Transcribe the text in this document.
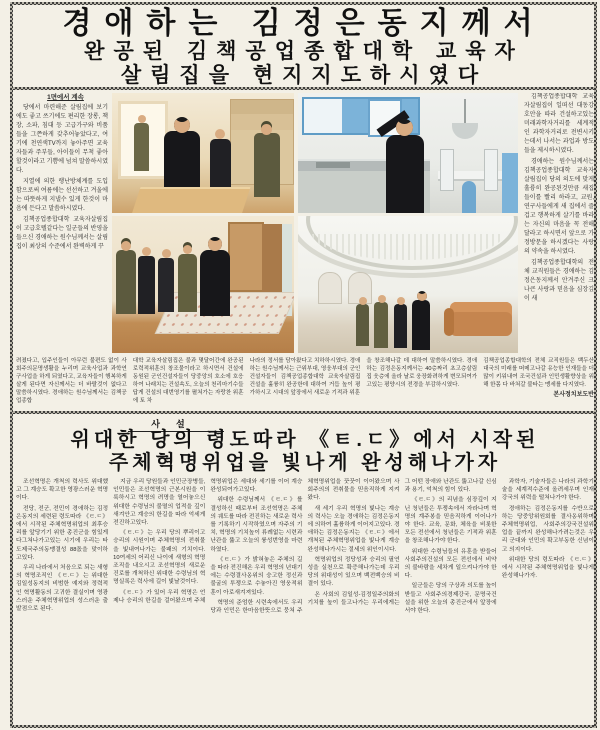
경애하는 김정은동지께서
완공된 김책공업종합대학 교육자
살림집을 현지지도하시였다

1면에서 계속

당에서 마련해준 살림집에 보기에도 좋고 쓰기에도 편리한 장롱, 책장, 소파, 침대 등 고급가구와 비품들을 그쯘하게 갖추어놓았다고, 여기에 천연색TV까지 놓아주면 교육자들과 주부들, 아이들이 무척 좋아할것이라고 기쁨에 넘쳐 말씀하시였다.

지열에 의한 랭난방체계를 도입함으로써 여름에는 선선하고 겨울에는 따뜻하게 지낼수 있게 한것이 마음에 든다고 말씀하시였다.

김책공업종합대학 교육자살림집이 고급호텔같다는 일군들의 반영을 들으신 경애하는 원수님께서는 살림집이 최상의 수준에서 완벽하게 꾸

김책공업종합대학 교육자살림집이 일떠선 대동강호안을 따라 건설하고있는 미래과학자거리를 세계적인 과학자거리로 전변시키는데서 나서는 과업과 방도들을 제시하시였다.

경애하는 원수님께서는 김책공업종합대학 교육자살림집이 당의 의도에 맞게 훌륭히 완공된것만큼 새집들이를 빨리 하라고, 교원, 연구사들에게 새 집에서 즐겁고 행복하게 살기를 바라는 자신의 마음을 꼭 전해달라고 하시면서 앞으로 가정방문을 하시겠다는 사랑의 약속을 하시였다.

김책공업종합대학의 전체 교직원들은 경애하는 김정은동지께서 안겨주신 크나큰 사랑과 믿음을 심장깊이 새

려졌다고, 입주인들이 아무런 불편도 없이 사회주의문명생활을 누리며 교육사업과 과학연구사업을 하게 되였다고, 교육자들이 행복하게 살게 된다면 자신께서는 더 바랄것이 없다고 말씀하시였다. 경애하는 원수님께서는 김책공업종합
대학 교육자살림집은 불과 몇달어간에 완공된 로력적위훈의 창조물이라고 하시면서 건설에 동원된 군인건설자들이 당중앙의 호소에 호응하여 나래치는 건설속도, 오늘의 천리마기수들답게 건설의 대번영기를 펼쳐가는 자랑찬 위훈에 토 차
나라의 정서를 담아왔다고 치하하시였다. 경애하는 원수님께서는 근위부대, 영웅부대의 군인건설자들이 김책공업종합대학 교육자살림집건설을 훌륭히 완공한데 대하여 거듭 높이 평가하시고 시대의 앞장에서 새로운 기적과 위훈
을 창조해나갈 데 대하여 말씀하시였다. 경애하는 김정은동지께서는 40층짜리 초고층살림집 웃층에 올라 날로 웅장화려하게 변모되여가고있는 평양시의 전경을 부감하시였다.
김책공업종합대학의 전체 교직원들은 백두산대국의 미래를 떠메고나갈 유능한 인재들을 더 많이 키워내여 조국건설과 인민생활향상을 위해 한몸 다 바쳐갈 불타는 맹세를 다지였다.
본사정치보도반
사설
위대한 당의 령도따라 《ㅌ.ㄷ》에서 시작된
주체혁명위업을 빛나게 완성해나가자

조선혁명은 개척의 력사도 위대했고 그 계승도 확고한 영광스러운 혁명이다.

전당, 전군, 전민이 경애하는 김정은동지의 세련된 령도따라 《ㅌ.ㄷ》에서 시작된 주체혁명위업의 최후승리를 앞당기기 위한 총진군을 힘있게 다그쳐나가고있는 시기에 우리는 타도제국주의동맹결성 88돐을 맞이하고있다.

우리 나라에서 처음으로 되는 새형의 혁명조직인 《ㅌ.ㄷ》는 위대한 김일성동지의 비범한 예지와 정력적인 혁명활동의 고귀한 결실이며 영광스러운 주체혁명위업의 성스러운 출발점으로 된다.

지금 우리 당원들과 인민군장병들, 인민들은 조선혁명의 근본시원을 이룩하시고 혁명의 려명을 열어놓으신 위대한 수령님의 불멸의 업적을 깊이 새겨안고 계승의 한길을 따라 억세게 전진하고있다.

《ㅌ.ㄷ》는 우리 당의 뿌리이고 승리의 시원이며 주체혁명의 전취물을 빛내여나가는 불패의 기치이다. 10여세의 어리신 나이에 새형의 혁명조직을 내오시고 조선혁명의 새로운 진로를 개척하신 위대한 수령님의 혁명실록은 력사에 길이 빛날것이다.

《ㅌ.ㄷ》가 있어 우리 혁명은 언제나 승리의 한길을 걸어왔으며 주체혁명위업은 세대와 세기를 이어 계승완성되여가고있다.

위대한 수령님께서 《ㅌ.ㄷ》를 결성하신 때로부터 조선혁명은 주체의 궤도를 따라 전진하는 새로운 력사를 기록하기 시작하였으며 자주의 기치, 혁명의 기치높이 류례없는 시련과 난관을 뚫고 오늘의 륭성번영을 마련하였다.

《ㅌ.ㄷ》가 밝혀놓은 주체의 길을 따라 전진해온 우리 혁명의 년대기에는 수령결사옹위의 숭고한 정신과 불굴의 투쟁으로 수놓아진 영웅적위훈이 아로새겨져있다.

혁명의 준엄한 시련속에서도 우리 당과 인민은 한마음한뜻으로 뭉쳐 주체혁명위업을 꿋꿋이 이어왔으며 사회주의의 전취물을 믿음직하게 지켜왔다.

새 세기 우리 혁명의 빛나는 계승의 력사는 오늘 경애하는 김정은동지에 의하여 훌륭하게 이어지고있다. 경애하는 김정은동지는 《ㅌ.ㄷ》에서 개척된 주체혁명위업을 빛나게 계승완성해나가시는 절세의 위인이시다.

혁명위업의 정당성과 승리의 필연성을 실천으로 확증해나가는데 우리 당의 위대성이 있으며 백전백승의 비결이 있다.

온 사회의 김일성-김정일주의화의 기치를 높이 들고나가는 우리에게는 그 어떤 장애와 난관도 뚫고나갈 신심과 용기, 억척의 힘이 있다.

《ㅌ.ㄷ》의 리념을 심장깊이 지닌 청년들은 투쟁속에서 자라나며 혁명의 계주봉을 믿음직하게 이어나가야 한다. 교육, 문화, 체육을 비롯한 모든 전선에서 청년들은 기적과 위훈을 창조해나가야 한다.

위대한 수령님들의 유훈을 받들어 사회주의건설의 모든 전선에서 비약의 불바람을 세차게 일으켜나가야 한다.

일군들은 당의 구상과 의도를 높이 받들고 사회주의경제강국, 문명국건설을 위한 오늘의 총진군에서 앞장에 서야 한다.

과학자, 기술자들은 나라의 과학기술을 세계적수준에 올려세우며 인재강국의 위력을 떨쳐나가야 한다.

경애하는 김정은동지를 수반으로 하는 당중앙위원회를 결사옹위하며 주체혁명위업, 사회주의강국건설위업을 끝까지 완성해나가려는것은 우리 군대와 인민의 확고부동한 신념이고 의지이다.

위대한 당의 령도따라 《ㅌ.ㄷ》에서 시작된 주체혁명위업을 빛나게 완성해나가자.
